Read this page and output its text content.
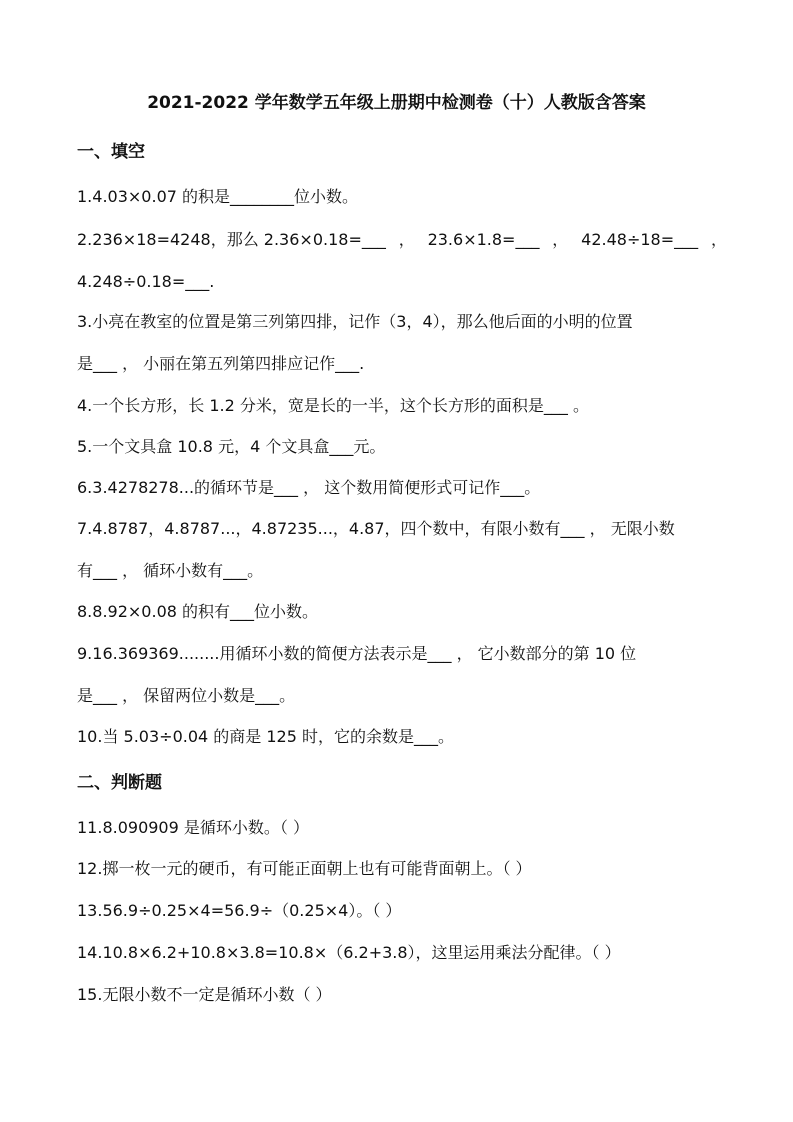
2021-2022 学年数学五年级上册期中检测卷（十）人教版含答案
一、填空
1.4.03×0.07 的积是________位小数。
2.236×18=4248，那么 2.36×0.18=___ ， 23.6×1.8=___ ， 42.48÷18=___ ，
4.248÷0.18=___.
3.小亮在教室的位置是第三列第四排，记作（3，4），那么他后面的小明的位置
是___ ， 小丽在第五列第四排应记作___.
4.一个长方形，长 1.2 分米，宽是长的一半，这个长方形的面积是___ 。
5.一个文具盒 10.8 元，4 个文具盒___元。
6.3.4278278...的循环节是___ ， 这个数用简便形式可记作___。
7.4.8787，4.8787...，4.87235...，4.87，四个数中，有限小数有___ ， 无限小数
有___ ， 循环小数有___。
8.8.92×0.08 的积有___位小数。
9.16.369369........用循环小数的简便方法表示是___ ， 它小数部分的第 10 位
是___ ， 保留两位小数是___。
10.当 5.03÷0.04 的商是 125 时，它的余数是___。
二、判断题
11.8.090909 是循环小数。（ ）
12.掷一枚一元的硬币，有可能正面朝上也有可能背面朝上。（ ）
13.56.9÷0.25×4=56.9÷（0.25×4）。（ ）
14.10.8×6.2+10.8×3.8=10.8×（6.2+3.8），这里运用乘法分配律。（ ）
15.无限小数不一定是循环小数（ ）
